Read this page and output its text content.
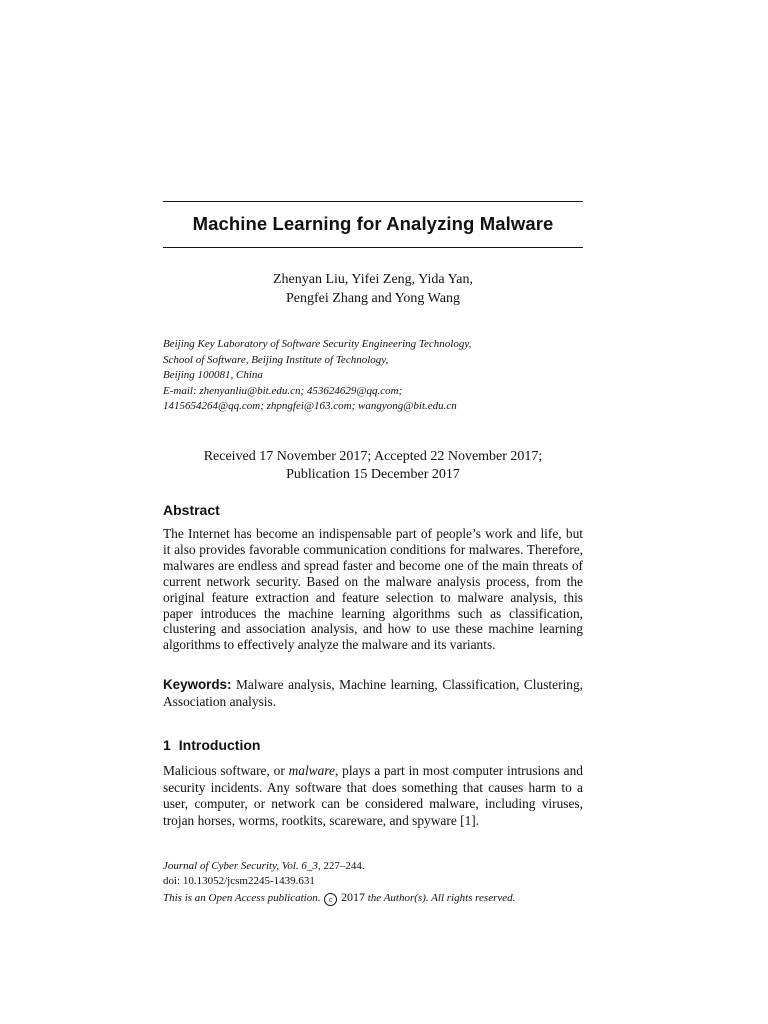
Machine Learning for Analyzing Malware
Zhenyan Liu, Yifei Zeng, Yida Yan,
Pengfei Zhang and Yong Wang
Beijing Key Laboratory of Software Security Engineering Technology,
School of Software, Beijing Institute of Technology,
Beijing 100081, China
E-mail: zhenyanliu@bit.edu.cn; 453624629@qq.com;
1415654264@qq.com; zhpngfei@163.com; wangyong@bit.edu.cn
Received 17 November 2017; Accepted 22 November 2017;
Publication 15 December 2017
Abstract
The Internet has become an indispensable part of people’s work and life, but it also provides favorable communication conditions for malwares. Therefore, malwares are endless and spread faster and become one of the main threats of current network security. Based on the malware analysis process, from the original feature extraction and feature selection to malware analysis, this paper introduces the machine learning algorithms such as classification, clustering and association analysis, and how to use these machine learning algorithms to effectively analyze the malware and its variants.
Keywords: Malware analysis, Machine learning, Classification, Clustering, Association analysis.
1 Introduction
Malicious software, or malware, plays a part in most computer intrusions and security incidents. Any software that does something that causes harm to a user, computer, or network can be considered malware, including viruses, trojan horses, worms, rootkits, scareware, and spyware [1].
Journal of Cyber Security, Vol. 6_3, 227–244.
doi: 10.13052/jcsm2245-1439.631
This is an Open Access publication. c 2017 the Author(s). All rights reserved.
